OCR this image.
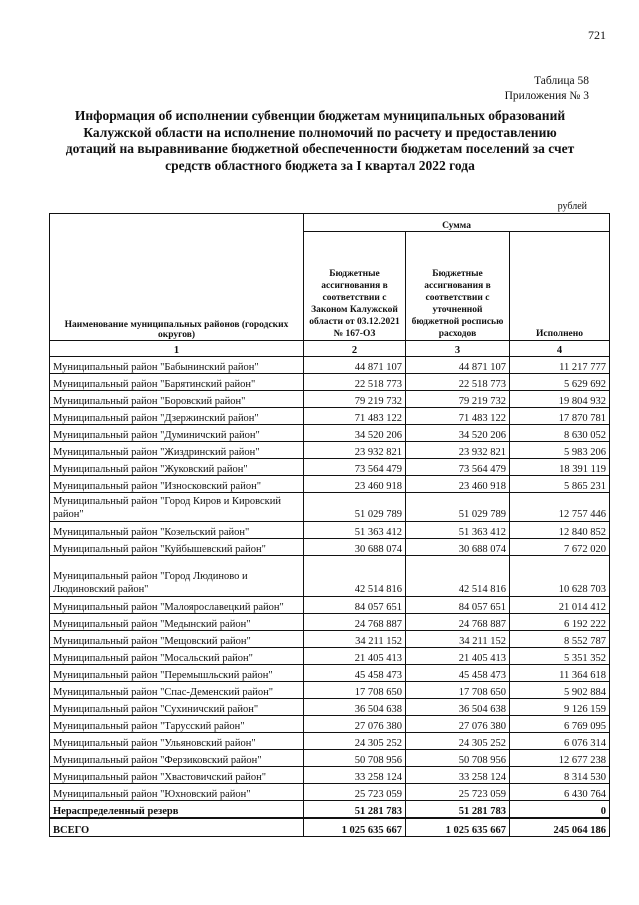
721
Таблица 58
Приложения № 3
Информация об исполнении субвенции бюджетам муниципальных образований Калужской области на исполнение полномочий по расчету и предоставлению дотаций на выравнивание бюджетной обеспеченности бюджетам поселений за счет средств областного бюджета за I квартал 2022 года
рублей
Наименование муниципальных районов (городских округов)	Сумма		
	Бюджетные ассигнования в соответствии с Законом Калужской области от 03.12.2021 № 167-ОЗ	Бюджетные ассигнования в соответствии с уточненной бюджетной росписью расходов	Исполнено
1	2	3	4
Муниципальный район "Бабынинский район"	44 871 107	44 871 107	11 217 777
Муниципальный район "Барятинский район"	22 518 773	22 518 773	5 629 692
Муниципальный район "Боровский район"	79 219 732	79 219 732	19 804 932
Муниципальный район "Дзержинский район"	71 483 122	71 483 122	17 870 781
Муниципальный район "Думиничский район"	34 520 206	34 520 206	8 630 052
Муниципальный район "Жиздринский район"	23 932 821	23 932 821	5 983 206
Муниципальный район "Жуковский район"	73 564 479	73 564 479	18 391 119
Муниципальный район "Износковский район"	23 460 918	23 460 918	5 865 231
Муниципальный район "Город Киров и Кировский район"	51 029 789	51 029 789	12 757 446
Муниципальный район "Козельский район"	51 363 412	51 363 412	12 840 852
Муниципальный район "Куйбышевский район"	30 688 074	30 688 074	7 672 020
Муниципальный район "Город Людиново и Людиновский район"	42 514 816	42 514 816	10 628 703
Муниципальный район "Малоярославецкий район"	84 057 651	84 057 651	21 014 412
Муниципальный район "Медынский район"	24 768 887	24 768 887	6 192 222
Муниципальный район "Мещовский район"	34 211 152	34 211 152	8 552 787
Муниципальный район "Мосальский район"	21 405 413	21 405 413	5 351 352
Муниципальный район "Перемышльский район"	45 458 473	45 458 473	11 364 618
Муниципальный район "Спас-Деменский район"	17 708 650	17 708 650	5 902 884
Муниципальный район "Сухиничский район"	36 504 638	36 504 638	9 126 159
Муниципальный район "Тарусский район"	27 076 380	27 076 380	6 769 095
Муниципальный район "Ульяновский район"	24 305 252	24 305 252	6 076 314
Муниципальный район "Ферзиковский район"	50 708 956	50 708 956	12 677 238
Муниципальный район "Хвастовичский район"	33 258 124	33 258 124	8 314 530
Муниципальный район "Юхновский район"	25 723 059	25 723 059	6 430 764
Нераспределенный резерв	51 281 783	51 281 783	0
ВСЕГО	1 025 635 667	1 025 635 667	245 064 186
